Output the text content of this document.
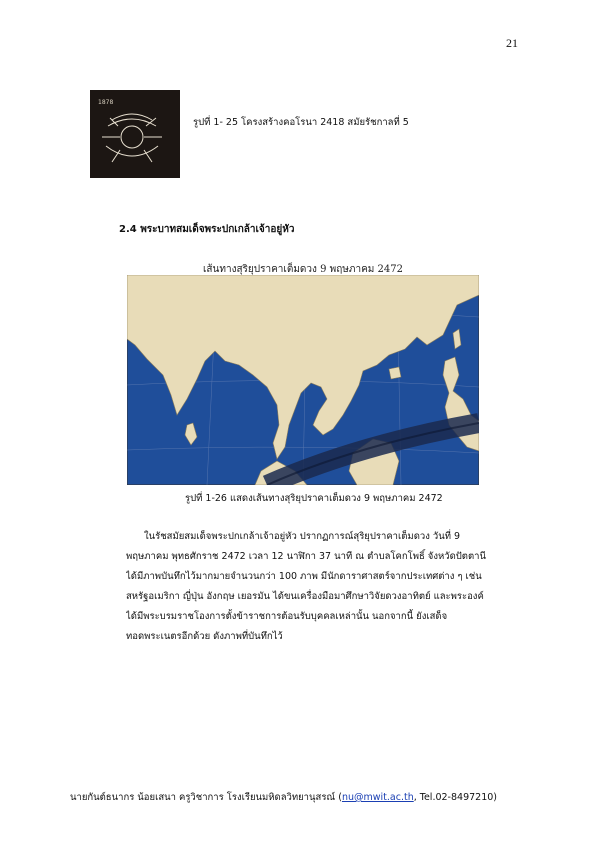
21
1878
รูปที่ 1- 25 โครงสร้างคอโรนา 2418 สมัยรัชกาลที่ 5
2.4 พระบาทสมเด็จพระปกเกล้าเจ้าอยู่หัว
เส้นทางสุริยุปราคาเต็มดวง 9 พฤษภาคม 2472
รูปที่ 1-26 แสดงเส้นทางสุริยุปราคาเต็มดวง 9 พฤษภาคม 2472
ในรัชสมัยสมเด็จพระปกเกล้าเจ้าอยู่หัว ปรากฏการณ์สุริยุปราคาเต็มดวง วันที่ 9
พฤษภาคม พุทธศักราช 2472 เวลา 12 นาฬิกา 37 นาที ณ ตำบลโคกโพธิ์ จังหวัดปัตตานี
ได้มีภาพบันทึกไว้มากมายจำนวนกว่า 100 ภาพ มีนักดาราศาสตร์จากประเทศต่าง ๆ เช่น
สหรัฐอเมริกา ญี่ปุ่น อังกฤษ เยอรมัน ได้ขนเครื่องมือมาศึกษาวิจัยดวงอาทิตย์ และพระองค์
ได้มีพระบรมราชโองการตั้งข้าราชการต้อนรับบุคคลเหล่านั้น นอกจากนี้ ยังเสด็จ
ทอดพระเนตรอีกด้วย ดังภาพที่บันทึกไว้
นายกันต์ธนากร น้อยเสนา ครูวิชาการ โรงเรียนมหิดลวิทยานุสรณ์ (nu@mwit.ac.th, Tel.02-8497210)
